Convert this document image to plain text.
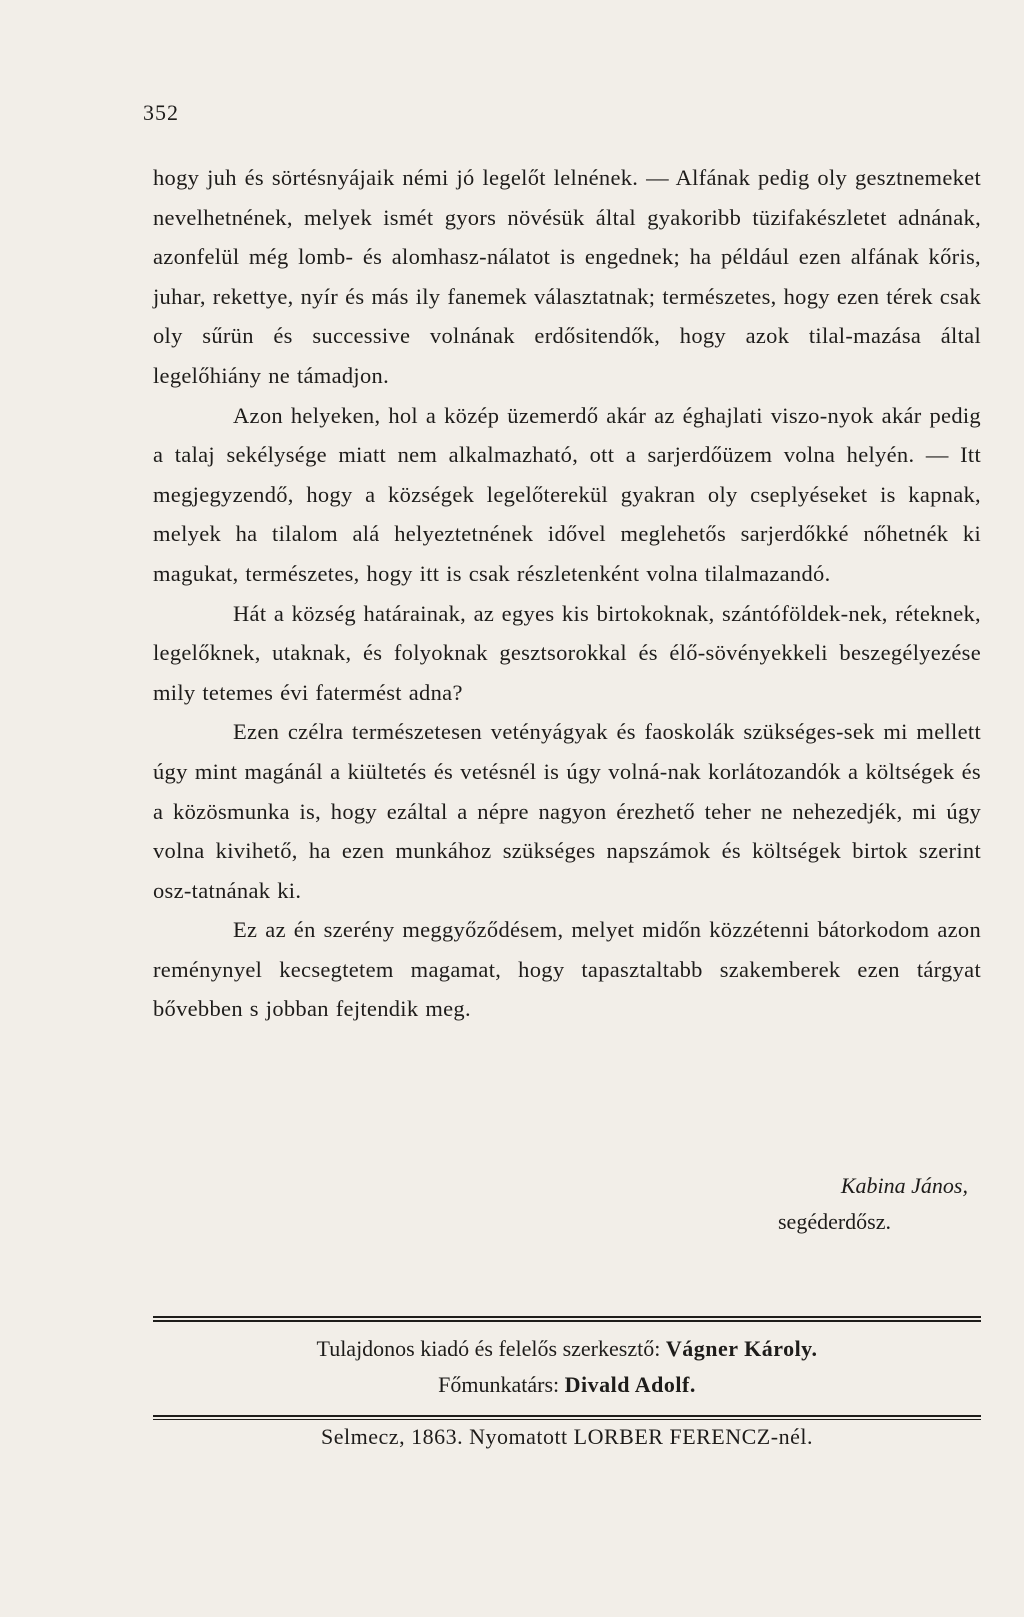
352

hogy juh és sörtésnyájaik némi jó legelőt lelnének. — Alfának pedig oly gesztnemeket nevelhetnének, melyek ismét gyors növésük által gyakoribb tüzifakészletet adnának, azonfelül még lomb- és alomhasz-nálatot is engednek; ha például ezen alfának kőris, juhar, rekettye, nyír és más ily fanemek választatnak; természetes, hogy ezen térek csak oly sűrün és successive volnának erdősitendők, hogy azok tilal-mazása által legelőhiány ne támadjon.

Azon helyeken, hol a közép üzemerdő akár az éghajlati viszo-nyok akár pedig a talaj sekélysége miatt nem alkalmazható, ott a sarjerdőüzem volna helyén. — Itt megjegyzendő, hogy a községek legelőterekül gyakran oly cseplyéseket is kapnak, melyek ha tilalom alá helyeztetnének idővel meglehetős sarjerdőkké nőhetnék ki magukat, természetes, hogy itt is csak részletenként volna tilalmazandó.

Hát a község határainak, az egyes kis birtokoknak, szántóföldek-nek, réteknek, legelőknek, utaknak, és folyoknak gesztsorokkal és élő-sövényekkeli beszegélyezése mily tetemes évi fatermést adna?

Ezen czélra természetesen vetényágyak és faoskolák szükséges-sek mi mellett úgy mint magánál a kiültetés és vetésnél is úgy volná-nak korlátozandók a költségek és a közösmunka is, hogy ezáltal a népre nagyon érezhető teher ne nehezedjék, mi úgy volna kivihető, ha ezen munkához szükséges napszámok és költségek birtok szerint osz-tatnának ki.

Ez az én szerény meggyőződésem, melyet midőn közzétenni bátorkodom azon reménynyel kecsegtetem magamat, hogy tapasztaltabb szakemberek ezen tárgyat bővebben s jobban fejtendik meg.

Kabina János,
segéderdősz.
Tulajdonos kiadó és felelős szerkesztő: Vágner Károly.
Főmunkatárs: Divald Adolf.
Selmecz, 1863. Nyomatott LORBER FERENCZ-nél.
